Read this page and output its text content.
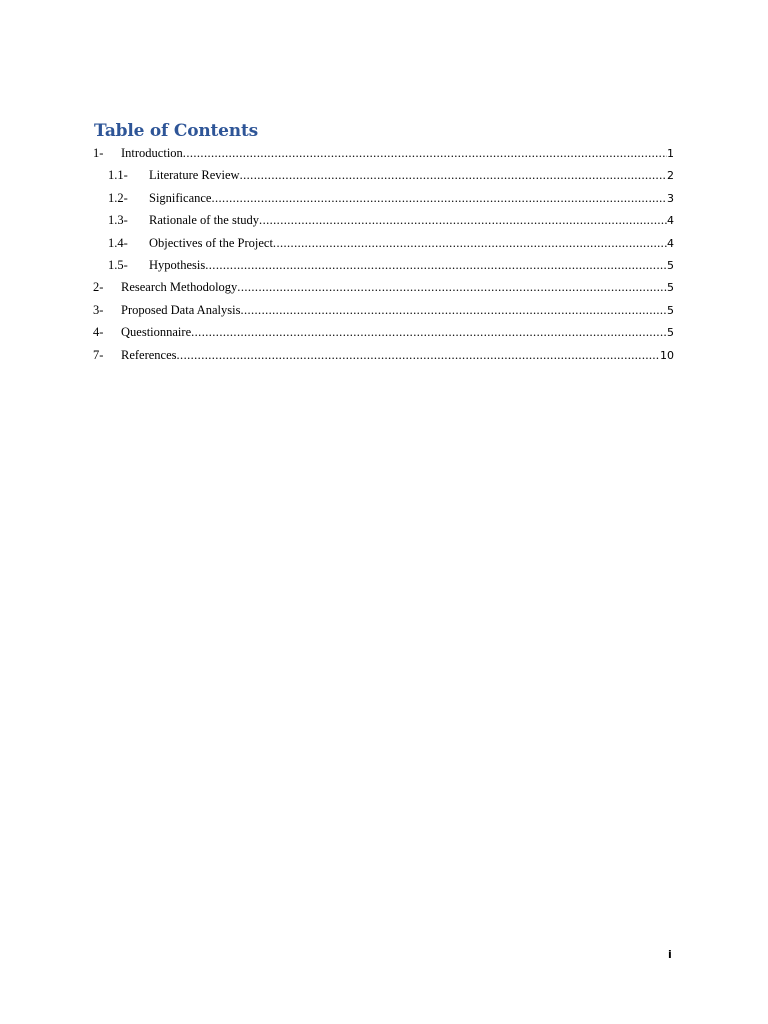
Table of Contents
1-	Introduction .....	1
1.1-	Literature Review .....	2
1.2-	Significance .....	3
1.3-	Rationale of the study .....	4
1.4-	Objectives of the Project .....	4
1.5-	Hypothesis .....	5
2-	Research Methodology .....	5
3-	Proposed Data Analysis .....	5
4-	Questionnaire .....	5
7-	References .....	10
i
